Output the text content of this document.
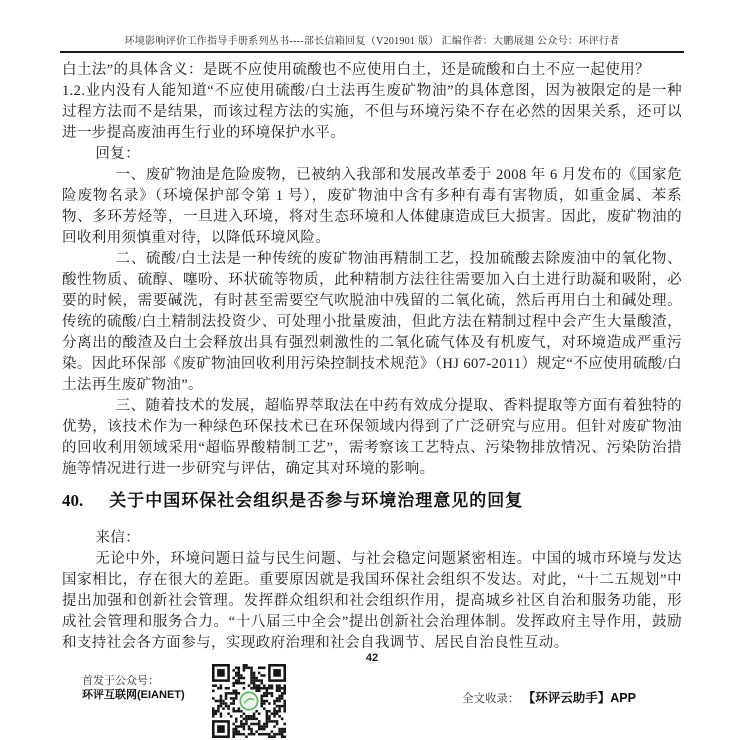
环境影响评价工作指导手册系列丛书----部长信箱回复（V201901 版） 汇编作者：大鹏展翅 公众号：环评行者

白土法”的具体含义：是既不应使用硫酸也不应使用白土，还是硫酸和白土不应一起使用？

1.2.业内没有人能知道“不应使用硫酸/白土法再生废矿物油”的具体意图，因为被限定的是一种过程方法而不是结果，而该过程方法的实施，不但与环境污染不存在必然的因果关系，还可以进一步提高废油再生行业的环境保护水平。

回复：

一、废矿物油是危险废物，已被纳入我部和发展改革委于 2008 年 6 月发布的《国家危险废物名录》（环境保护部令第 1 号），废矿物油中含有多种有毒有害物质，如重金属、苯系物、多环芳烃等，一旦进入环境，将对生态环境和人体健康造成巨大损害。因此，废矿物油的回收利用须慎重对待，以降低环境风险。

二、硫酸/白土法是一种传统的废矿物油再精制工艺，投加硫酸去除废油中的氧化物、酸性物质、硫醇、噻吩、环状硫等物质，此种精制方法往往需要加入白土进行助凝和吸附，必要的时候，需要碱洗，有时甚至需要空气吹脱油中残留的二氧化硫，然后再用白土和碱处理。传统的硫酸/白土精制法投资少、可处理小批量废油，但此方法在精制过程中会产生大量酸渣，分离出的酸渣及白土会释放出具有强烈刺激性的二氧化硫气体及有机废气，对环境造成严重污染。因此环保部《废矿物油回收利用污染控制技术规范》（HJ 607-2011）规定“不应使用硫酸/白土法再生废矿物油”。

三、随着技术的发展，超临界萃取法在中药有效成分提取、香料提取等方面有着独特的优势，该技术作为一种绿色环保技术已在环保领域内得到了广泛研究与应用。但针对废矿物油的回收利用领域采用“超临界酸精制工艺”，需考察该工艺特点、污染物排放情况、污染防治措施等情况进行进一步研究与评估，确定其对环境的影响。

40. 关于中国环保社会组织是否参与环境治理意见的回复

来信：

无论中外，环境问题日益与民生问题、与社会稳定问题紧密相连。中国的城市环境与发达国家相比，存在很大的差距。重要原因就是我国环保社会组织不发达。对此，“十二五规划”中提出加强和创新社会管理。发挥群众组织和社会组织作用，提高城乡社区自治和服务功能，形成社会管理和服务合力。“十八届三中全会”提出创新社会治理体制。发挥政府主导作用，鼓励和支持社会各方面参与，实现政府治理和社会自我调节、居民自治良性互动。

42
首发于公众号：
环评互联网(EIANET)	全文收录： 【环评云助手】APP
